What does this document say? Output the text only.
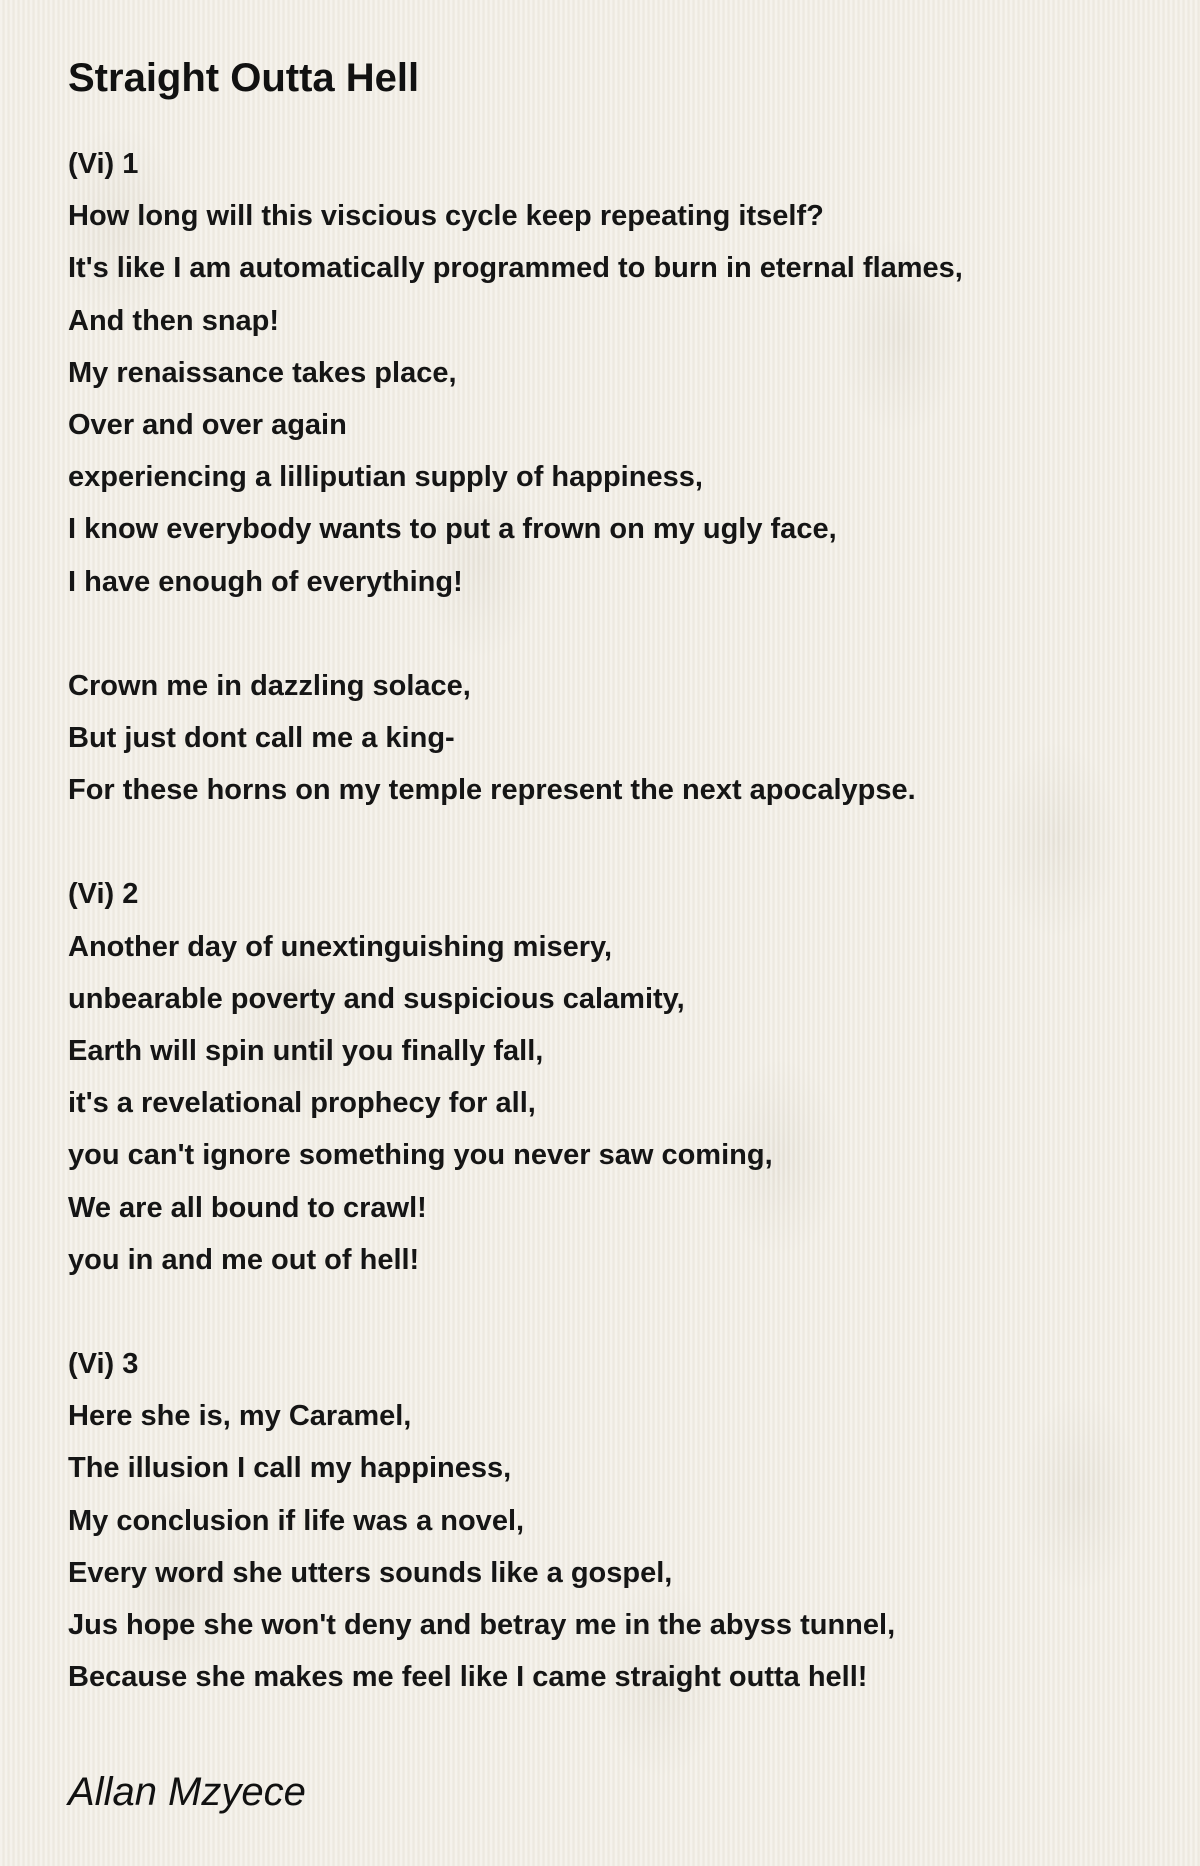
Straight Outta Hell
(Vi) 1
How long will this viscious cycle keep repeating itself?
It's like I am automatically programmed to burn in eternal flames,
And then snap!
My renaissance takes place,
Over and over again
experiencing a lilliputian supply of happiness,
I know everybody wants to put a frown on my ugly face,
I have enough of everything!
Crown me in dazzling solace,
But just dont call me a king-
For these horns on my temple represent the next apocalypse.
(Vi) 2
Another day of unextinguishing misery,
unbearable poverty and suspicious calamity,
Earth will spin until you finally fall,
it's a revelational prophecy for all,
you can't ignore something you never saw coming,
We are all bound to crawl!
you in and me out of hell!
(Vi) 3
Here she is, my Caramel,
The illusion I call my happiness,
My conclusion if life was a novel,
Every word she utters sounds like a gospel,
Jus hope she won't deny and betray me in the abyss tunnel,
Because she makes me feel like I came straight outta hell!
Allan Mzyece
